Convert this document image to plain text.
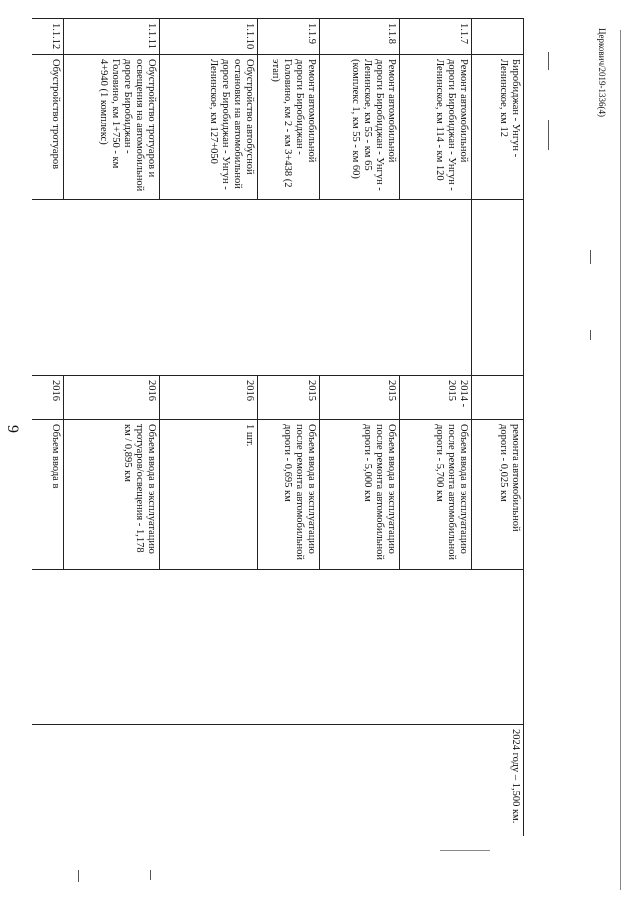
9
Церкович/2019-1336(4)
	Биробиджан - Унгун - Ленинское, км 12			ремонта автомобильной дороги - 0,025 км		2024 году – 1,500 км.
1.1.7	Ремонт автомобильной дороги Биробиджан - Унгун - Ленинское, км 114 - км 120		2014 - 2015	Объем ввода в эксплуатацию после ремонта автомобильной дороги - 5,700 км		
1.1.8	Ремонт автомобильной дороги Биробиджан - Унгун - Ленинское, км 55 - км 65 (комплекс 1, км 55 - км 60)		2015	Объем ввода в эксплуатацию после ремонта автомобильной дороги - 5,000 км		
1.1.9	Ремонт автомобильной дороги Биробиджан - Головино, км 2 - км 3+438 (2 этап)		2015	Объем ввода в эксплуатацию после ремонта автомобильной дороги - 0,695 км		
1.1.10	Обустройство автобусной остановки на автомобильной дороге Биробиджан - Унгун - Ленинское, км 127+050		2016	1 шт.		
1.1.11	Обустройство тротуаров и освещения на автомобильной дороге Биробиджан - Головино, км 1+750 - км 4+940 (1 комплекс)		2016	Объем ввода в эксплуатацию тротуаров/освещения - 1,178 км / 0,895 км		
1.1.12	Обустройство тротуаров		2016	Объем ввода в		
